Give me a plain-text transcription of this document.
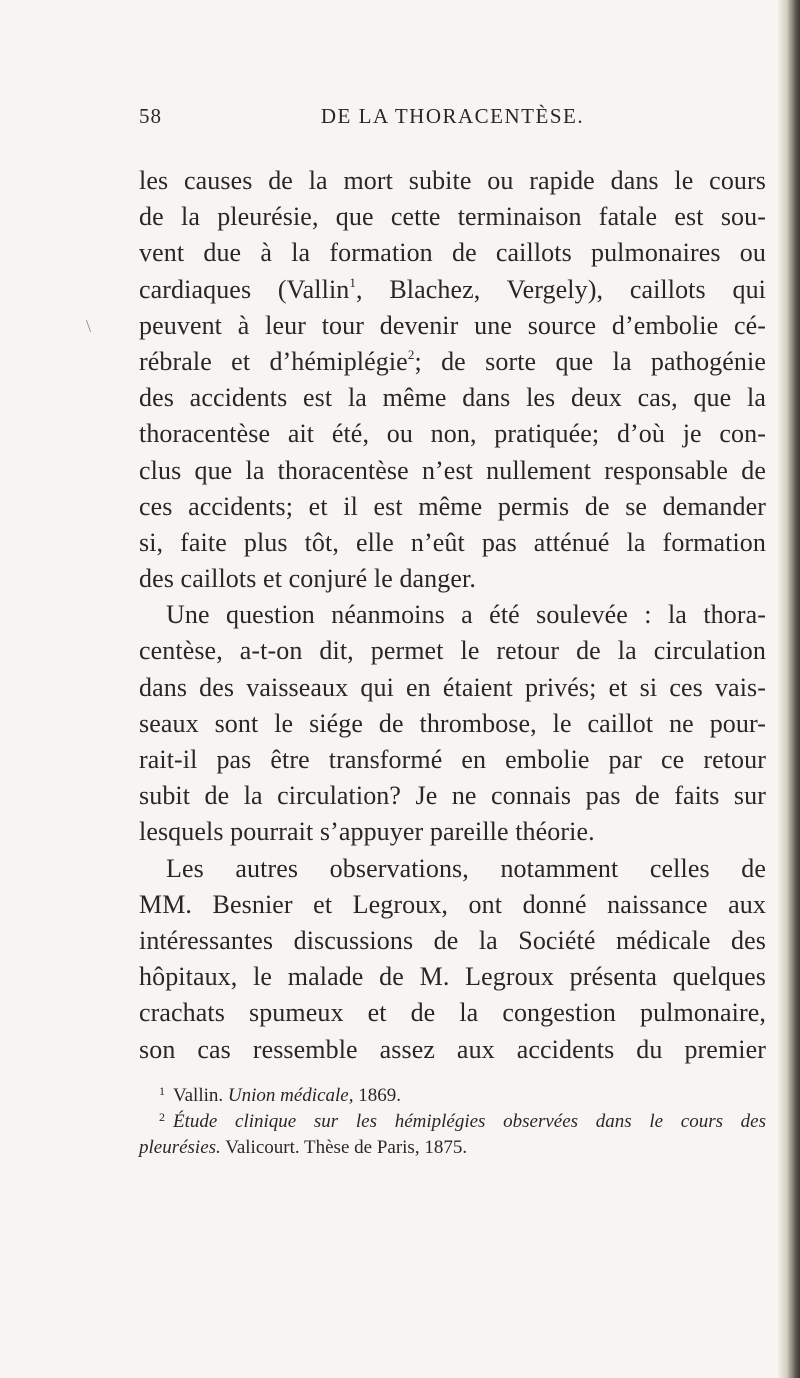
\
58	DE LA THORACENTÈSE.
les causes de la mort subite ou rapide dans le cours
de la pleurésie, que cette terminaison fatale est sou-
vent due à la formation de caillots pulmonaires ou
cardiaques (Vallin$^1$, Blachez, Vergely), caillots qui
peuvent à leur tour devenir une source d’embolie cé-
rébrale et d’hémiplégie$^2$; de sorte que la pathogénie
des accidents est la même dans les deux cas, que la
thoracentèse ait été, ou non, pratiquée; d’où je con-
clus que la thoracentèse n’est nullement responsable de
ces accidents; et il est même permis de se demander
si, faite plus tôt, elle n’eût pas atténué la formation
des caillots et conjuré le danger.
Une question néanmoins a été soulevée : la thora-
centèse, a-t-on dit, permet le retour de la circulation
dans des vaisseaux qui en étaient privés; et si ces vais-
seaux sont le siége de thrombose, le caillot ne pour-
rait-il pas être transformé en embolie par ce retour
subit de la circulation? Je ne connais pas de faits sur
lesquels pourrait s’appuyer pareille théorie.
Les autres observations, notamment celles de
MM. Besnier et Legroux, ont donné naissance aux
intéressantes discussions de la Société médicale des
hôpitaux, le malade de M. Legroux présenta quelques
crachats spumeux et de la congestion pulmonaire,
son cas ressemble assez aux accidents du premier
$^1$ Vallin. Union médicale, 1869.
$^2$ Étude clinique sur les hémiplégies observées dans le cours des
pleurésies. Valicourt. Thèse de Paris, 1875.
